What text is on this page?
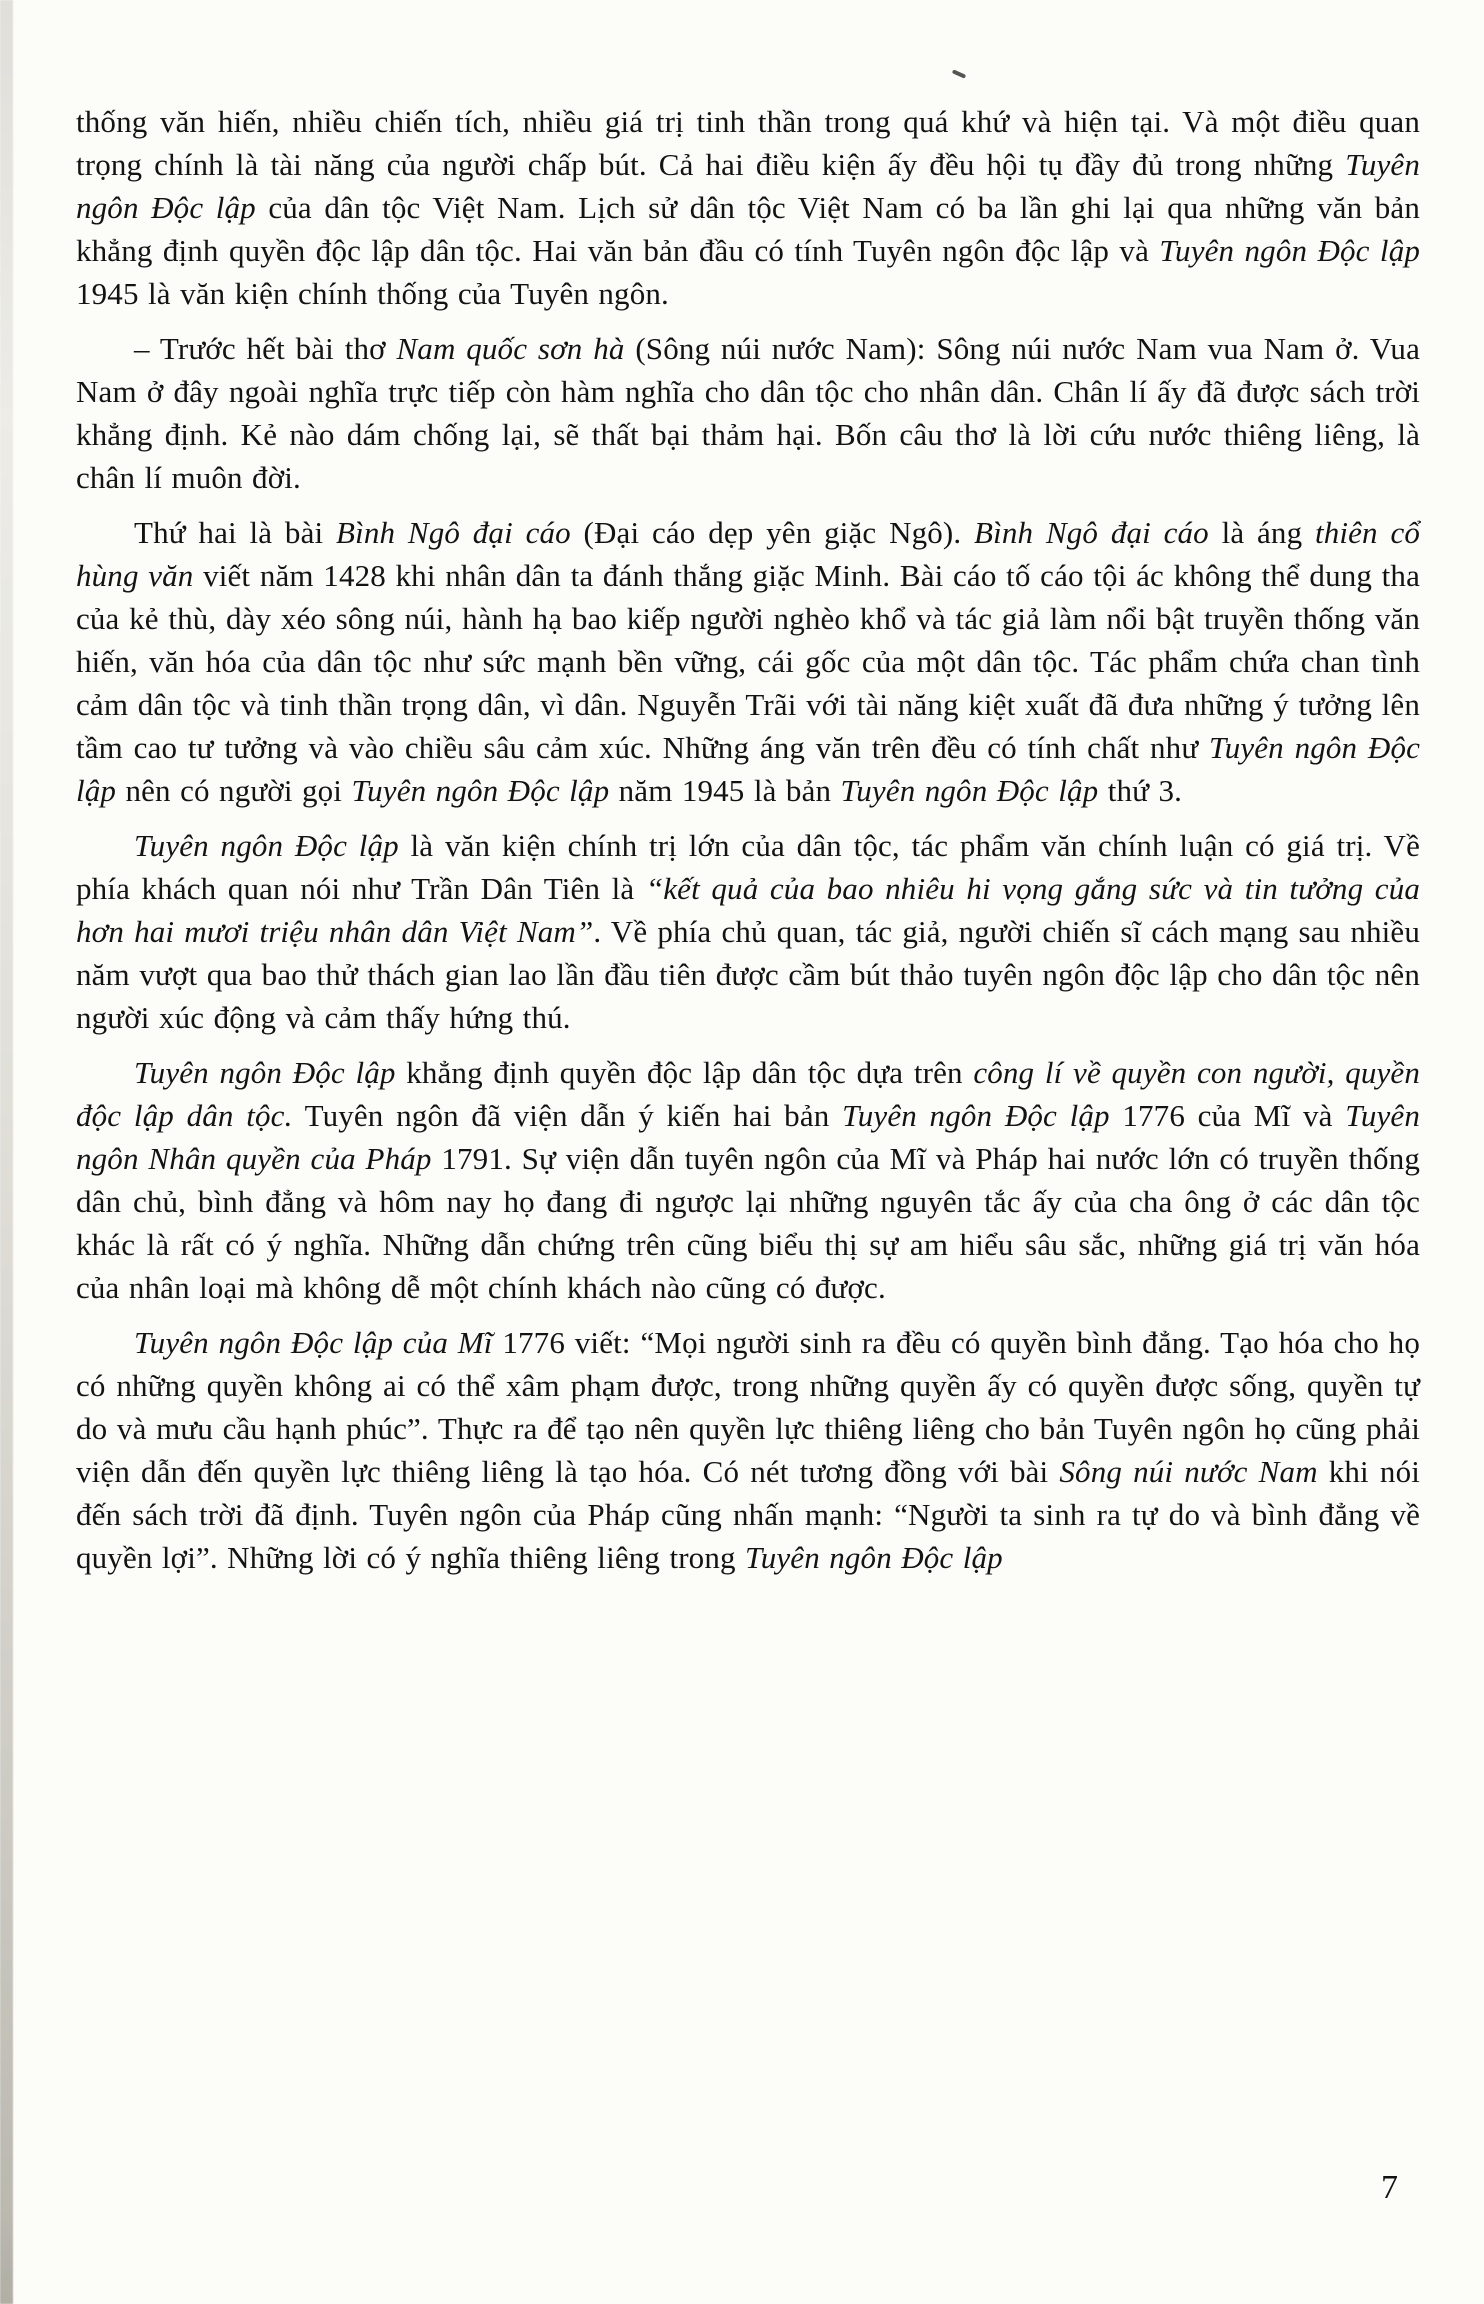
thống văn hiến, nhiều chiến tích, nhiều giá trị tinh thần trong quá khứ và hiện tại. Và một điều quan trọng chính là tài năng của người chấp bút. Cả hai điều kiện ấy đều hội tụ đầy đủ trong những Tuyên ngôn Độc lập của dân tộc Việt Nam. Lịch sử dân tộc Việt Nam có ba lần ghi lại qua những văn bản khẳng định quyền độc lập dân tộc. Hai văn bản đầu có tính Tuyên ngôn độc lập và Tuyên ngôn Độc lập 1945 là văn kiện chính thống của Tuyên ngôn.

– Trước hết bài thơ Nam quốc sơn hà (Sông núi nước Nam): Sông núi nước Nam vua Nam ở. Vua Nam ở đây ngoài nghĩa trực tiếp còn hàm nghĩa cho dân tộc cho nhân dân. Chân lí ấy đã được sách trời khẳng định. Kẻ nào dám chống lại, sẽ thất bại thảm hại. Bốn câu thơ là lời cứu nước thiêng liêng, là chân lí muôn đời.

Thứ hai là bài Bình Ngô đại cáo (Đại cáo dẹp yên giặc Ngô). Bình Ngô đại cáo là áng thiên cổ hùng văn viết năm 1428 khi nhân dân ta đánh thắng giặc Minh. Bài cáo tố cáo tội ác không thể dung tha của kẻ thù, dày xéo sông núi, hành hạ bao kiếp người nghèo khổ và tác giả làm nổi bật truyền thống văn hiến, văn hóa của dân tộc như sức mạnh bền vững, cái gốc của một dân tộc. Tác phẩm chứa chan tình cảm dân tộc và tinh thần trọng dân, vì dân. Nguyễn Trãi với tài năng kiệt xuất đã đưa những ý tưởng lên tầm cao tư tưởng và vào chiều sâu cảm xúc. Những áng văn trên đều có tính chất như Tuyên ngôn Độc lập nên có người gọi Tuyên ngôn Độc lập năm 1945 là bản Tuyên ngôn Độc lập thứ 3.

Tuyên ngôn Độc lập là văn kiện chính trị lớn của dân tộc, tác phẩm văn chính luận có giá trị. Về phía khách quan nói như Trần Dân Tiên là “kết quả của bao nhiêu hi vọng gắng sức và tin tưởng của hơn hai mươi triệu nhân dân Việt Nam”. Về phía chủ quan, tác giả, người chiến sĩ cách mạng sau nhiều năm vượt qua bao thử thách gian lao lần đầu tiên được cầm bút thảo tuyên ngôn độc lập cho dân tộc nên người xúc động và cảm thấy hứng thú.

Tuyên ngôn Độc lập khẳng định quyền độc lập dân tộc dựa trên công lí về quyền con người, quyền độc lập dân tộc. Tuyên ngôn đã viện dẫn ý kiến hai bản Tuyên ngôn Độc lập 1776 của Mĩ và Tuyên ngôn Nhân quyền của Pháp 1791. Sự viện dẫn tuyên ngôn của Mĩ và Pháp hai nước lớn có truyền thống dân chủ, bình đẳng và hôm nay họ đang đi ngược lại những nguyên tắc ấy của cha ông ở các dân tộc khác là rất có ý nghĩa. Những dẫn chứng trên cũng biểu thị sự am hiểu sâu sắc, những giá trị văn hóa của nhân loại mà không dễ một chính khách nào cũng có được.

Tuyên ngôn Độc lập của Mĩ 1776 viết: “Mọi người sinh ra đều có quyền bình đẳng. Tạo hóa cho họ có những quyền không ai có thể xâm phạm được, trong những quyền ấy có quyền được sống, quyền tự do và mưu cầu hạnh phúc”. Thực ra để tạo nên quyền lực thiêng liêng cho bản Tuyên ngôn họ cũng phải viện dẫn đến quyền lực thiêng liêng là tạo hóa. Có nét tương đồng với bài Sông núi nước Nam khi nói đến sách trời đã định. Tuyên ngôn của Pháp cũng nhấn mạnh: “Người ta sinh ra tự do và bình đẳng về quyền lợi”. Những lời có ý nghĩa thiêng liêng trong Tuyên ngôn Độc lập

7
